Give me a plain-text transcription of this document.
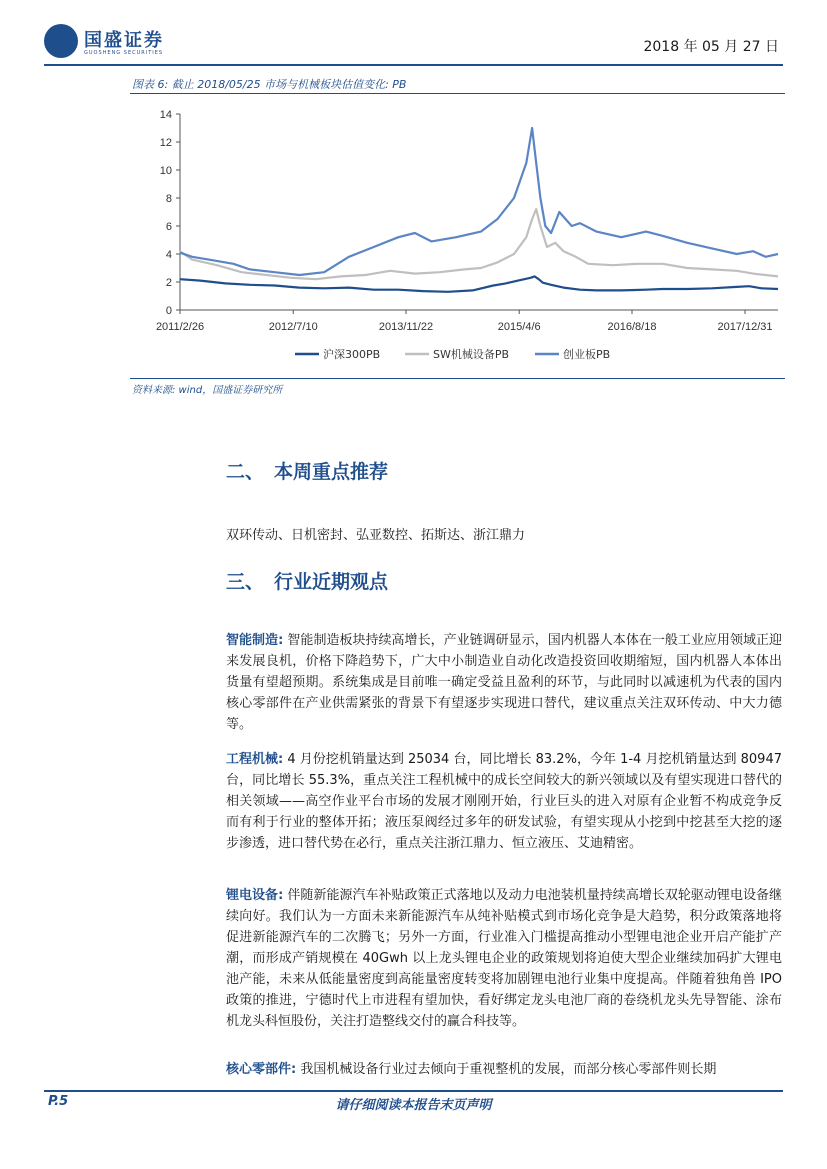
国盛证券
GUOSHENG SECURITIES	2018 年 05 月 27 日
图表 6: 截止 2018/05/25 市场与机械板块估值变化: PB
0
2
4
6
8
10
12
14
2011/2/26	2012/7/10	2013/11/22	2015/4/6	2016/8/18	2017/12/31
沪深300PB	SW机械设备PB	创业板PB
资料来源: wind，国盛证券研究所
二、 本周重点推荐
双环传动、日机密封、弘亚数控、拓斯达、浙江鼎力
三、 行业近期观点
智能制造: 智能制造板块持续高增长，产业链调研显示，国内机器人本体在一般工业应用领域正迎来发展良机，价格下降趋势下，广大中小制造业自动化改造投资回收期缩短，国内机器人本体出货量有望超预期。系统集成是目前唯一确定受益且盈利的环节，与此同时以减速机为代表的国内核心零部件在产业供需紧张的背景下有望逐步实现进口替代，建议重点关注双环传动、中大力德等。
工程机械: 4 月份挖机销量达到 25034 台，同比增长 83.2%，今年 1-4 月挖机销量达到 80947 台，同比增长 55.3%，重点关注工程机械中的成长空间较大的新兴领域以及有望实现进口替代的相关领域——高空作业平台市场的发展才刚刚开始，行业巨头的进入对原有企业暂不构成竞争反而有利于行业的整体开拓；液压泵阀经过多年的研发试验，有望实现从小挖到中挖甚至大挖的逐步渗透，进口替代势在必行，重点关注浙江鼎力、恒立液压、艾迪精密。
锂电设备: 伴随新能源汽车补贴政策正式落地以及动力电池装机量持续高增长双轮驱动锂电设备继续向好。我们认为一方面未来新能源汽车从纯补贴模式到市场化竞争是大趋势，积分政策落地将促进新能源汽车的二次腾飞；另外一方面，行业准入门槛提高推动小型锂电池企业开启产能扩产潮，而形成产销规模在 40Gwh 以上龙头锂电企业的政策规划将迫使大型企业继续加码扩大锂电池产能，未来从低能量密度到高能量密度转变将加剧锂电池行业集中度提高。伴随着独角兽 IPO 政策的推进，宁德时代上市进程有望加快，看好绑定龙头电池厂商的卷绕机龙头先导智能、涂布机龙头科恒股份，关注打造整线交付的赢合科技等。
核心零部件: 我国机械设备行业过去倾向于重视整机的发展，而部分核心零部件则长期
P.5	请仔细阅读本报告末页声明
